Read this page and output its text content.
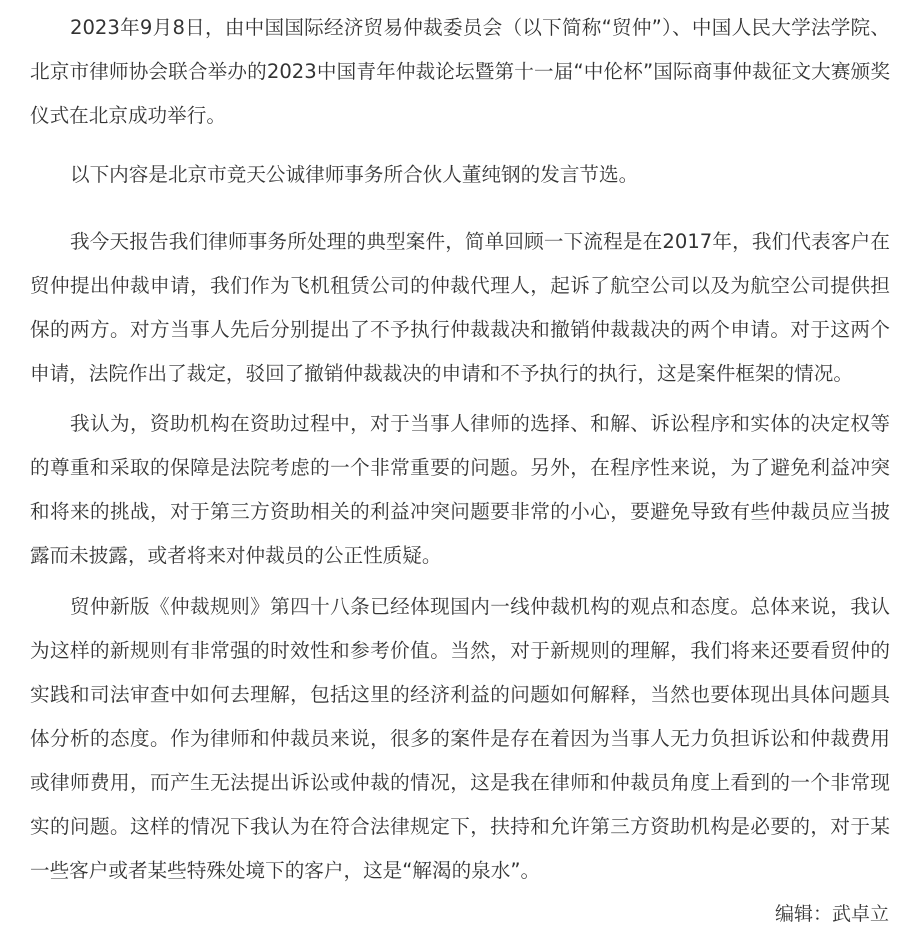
2023年9月8日，由中国国际经济贸易仲裁委员会（以下简称“贸仲”）、中国人民大学法学院、北京市律师协会联合举办的2023中国青年仲裁论坛暨第十一届“中伦杯”国际商事仲裁征文大赛颁奖仪式在北京成功举行。

以下内容是北京市竞天公诚律师事务所合伙人董纯钢的发言节选。

我今天报告我们律师事务所处理的典型案件，简单回顾一下流程是在2017年，我们代表客户在贸仲提出仲裁申请，我们作为飞机租赁公司的仲裁代理人，起诉了航空公司以及为航空公司提供担保的两方。对方当事人先后分别提出了不予执行仲裁裁决和撤销仲裁裁决的两个申请。对于这两个申请，法院作出了裁定，驳回了撤销仲裁裁决的申请和不予执行的执行，这是案件框架的情况。

我认为，资助机构在资助过程中，对于当事人律师的选择、和解、诉讼程序和实体的决定权等的尊重和采取的保障是法院考虑的一个非常重要的问题。另外，在程序性来说，为了避免利益冲突和将来的挑战，对于第三方资助相关的利益冲突问题要非常的小心，要避免导致有些仲裁员应当披露而未披露，或者将来对仲裁员的公正性质疑。

贸仲新版《仲裁规则》第四十八条已经体现国内一线仲裁机构的观点和态度。总体来说，我认为这样的新规则有非常强的时效性和参考价值。当然，对于新规则的理解，我们将来还要看贸仲的实践和司法审查中如何去理解，包括这里的经济利益的问题如何解释，当然也要体现出具体问题具体分析的态度。作为律师和仲裁员来说，很多的案件是存在着因为当事人无力负担诉讼和仲裁费用或律师费用，而产生无法提出诉讼或仲裁的情况，这是我在律师和仲裁员角度上看到的一个非常现实的问题。这样的情况下我认为在符合法律规定下，扶持和允许第三方资助机构是必要的，对于某一些客户或者某些特殊处境下的客户，这是“解渴的泉水”。

编辑：武卓立
